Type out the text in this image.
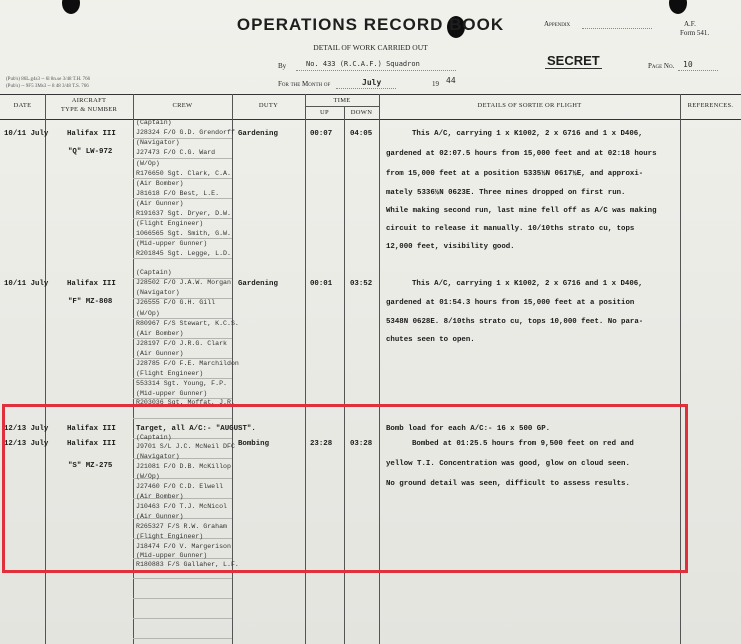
OPERATIONS RECORD BOOK
DETAIL OF WORK CARRIED OUT
Appendix	A.F.
Form 541.
By	No. 433 (R.C.A.F.) Squadron
For the Month of	July	19 44
SECRET	Page No. 10
(Pub's) 86L.g4s3 -- 6l 8n.se 3/48 T.H. 766
(Pub's) -- 9F5 3Ms3 -- 8 48 3/48 T.S. 766
DATE
AIRCRAFT
TYPE & NUMBER
CREW	DUTY
TIME
UP	DOWN
DETAILS OF SORTIE OR FLIGHT	REFERENCES.
10/11 July	Halifax III
"Q" LW-972
(Captain)
J28324 F/O G.D. Grendorff
(Navigator)
J27473 F/O C.G. Ward
(W/Op)
R176650 Sgt. Clark, C.A.
(Air Bomber)
J81618 F/O Best, L.E.
(Air Gunner)
R191637 Sgt. Dryer, D.W.
(Flight Engineer)
1066565 Sgt. Smith, G.W.
(Mid-upper Gunner)
R201845 Sgt. Legge, L.D.
Gardening	00:07 04:05	This A/C, carrying 1 x K1002, 2 x G716 and 1 x D406,
gardened at 02:07.5 hours from 15,000 feet and at 02:18 hours
from 15,000 feet at a position 5335½N 0617½E, and approxi-
mately 5336½N 0623E. Three mines dropped on first run.
While making second run, last mine fell off as A/C was making
circuit to release it manually. 10/10ths strato cu, tops
12,000 feet, visibility good.
10/11 July	Halifax III
"F" MZ-808
(Captain)
J28502 F/O J.A.W. Morgan
(Navigator)
J26555 F/O G.H. Gill
(W/Op)
R80967 F/S Stewart, K.C.S.
(Air Bomber)
J28197 F/O J.R.G. Clark
(Air Gunner)
J28785 F/O F.E. Marchildon
(Flight Engineer)
553314 Sgt. Young, F.P.
(Mid-upper Gunner)
R203036 Sgt. Moffat, J.R.
Gardening	00:01 03:52	This A/C, carrying 1 x K1002, 2 x G716 and 1 x D406,
gardened at 01:54.3 hours from 15,000 feet at a position
5348N 0628E. 8/10ths strato cu, tops 10,000 feet. No para-
chutes seen to open.
12/13 July	Halifax III	Target, all A/C:- "AUGUST".	Bomb load for each A/C:- 16 x 500 GP.
12/13 July	Halifax III
"S" MZ-275
(Captain)
J9701 S/L J.C. McNeil DFC
(Navigator)
J21081 F/O D.B. McKillop
(W/Op)
J27460 F/O C.D. Elwell
(Air Bomber)
J10463 F/O T.J. McNicol
(Air Gunner)
R265327 F/S R.W. Graham
(Flight Engineer)
J18474 F/O V. Margerison
(Mid-upper Gunner)
R180883 F/S Gallaher, L.F.
Bombing	23:28 03:28	Bombed at 01:25.5 hours from 9,500 feet on red and
yellow T.I. Concentration was good, glow on cloud seen.
No ground detail was seen, difficult to assess results.
